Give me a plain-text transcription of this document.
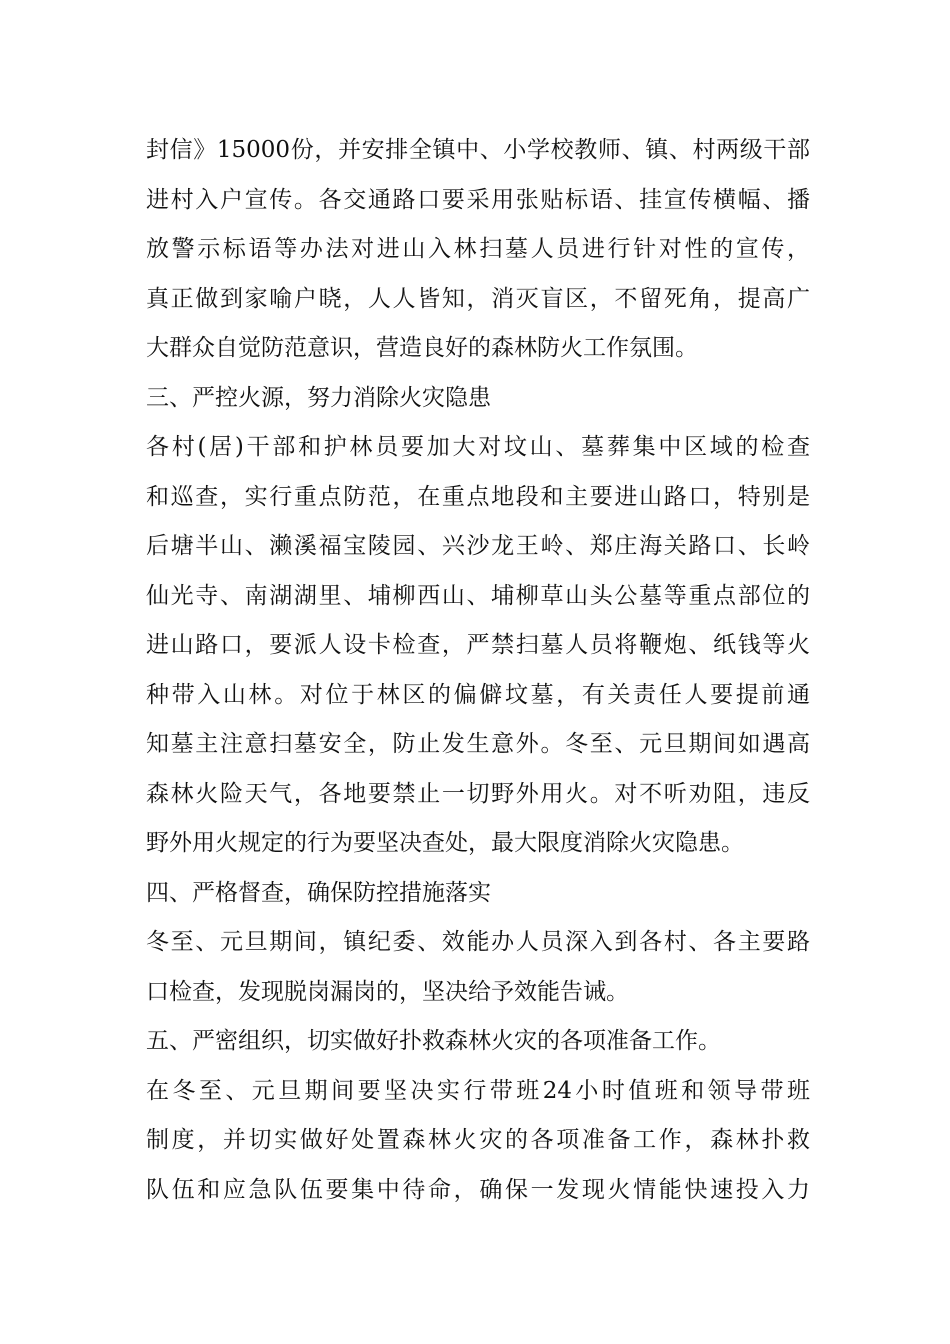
封信》15000份，并安排全镇中、小学校教师、镇、村两级干部
进村入户宣传。各交通路口要采用张贴标语、挂宣传横幅、播
放警示标语等办法对进山入林扫墓人员进行针对性的宣传，
真正做到家喻户晓，人人皆知，消灭盲区，不留死角，提高广
大群众自觉防范意识，营造良好的森林防火工作氛围。
三、严控火源，努力消除火灾隐患
各村(居)干部和护林员要加大对坟山、墓葬集中区域的检查
和巡查，实行重点防范，在重点地段和主要进山路口，特别是
后塘半山、濑溪福宝陵园、兴沙龙王岭、郑庄海关路口、长岭
仙光寺、南湖湖里、埔柳西山、埔柳草山头公墓等重点部位的
进山路口，要派人设卡检查，严禁扫墓人员将鞭炮、纸钱等火
种带入山林。对位于林区的偏僻坟墓，有关责任人要提前通
知墓主注意扫墓安全，防止发生意外。冬至、元旦期间如遇高
森林火险天气，各地要禁止一切野外用火。对不听劝阻，违反
野外用火规定的行为要坚决查处，最大限度消除火灾隐患。
四、严格督查，确保防控措施落实
冬至、元旦期间，镇纪委、效能办人员深入到各村、各主要路
口检查，发现脱岗漏岗的，坚决给予效能告诫。
五、严密组织，切实做好扑救森林火灾的各项准备工作。
在冬至、元旦期间要坚决实行带班24小时值班和领导带班
制度，并切实做好处置森林火灾的各项准备工作，森林扑救
队伍和应急队伍要集中待命，确保一发现火情能快速投入力
